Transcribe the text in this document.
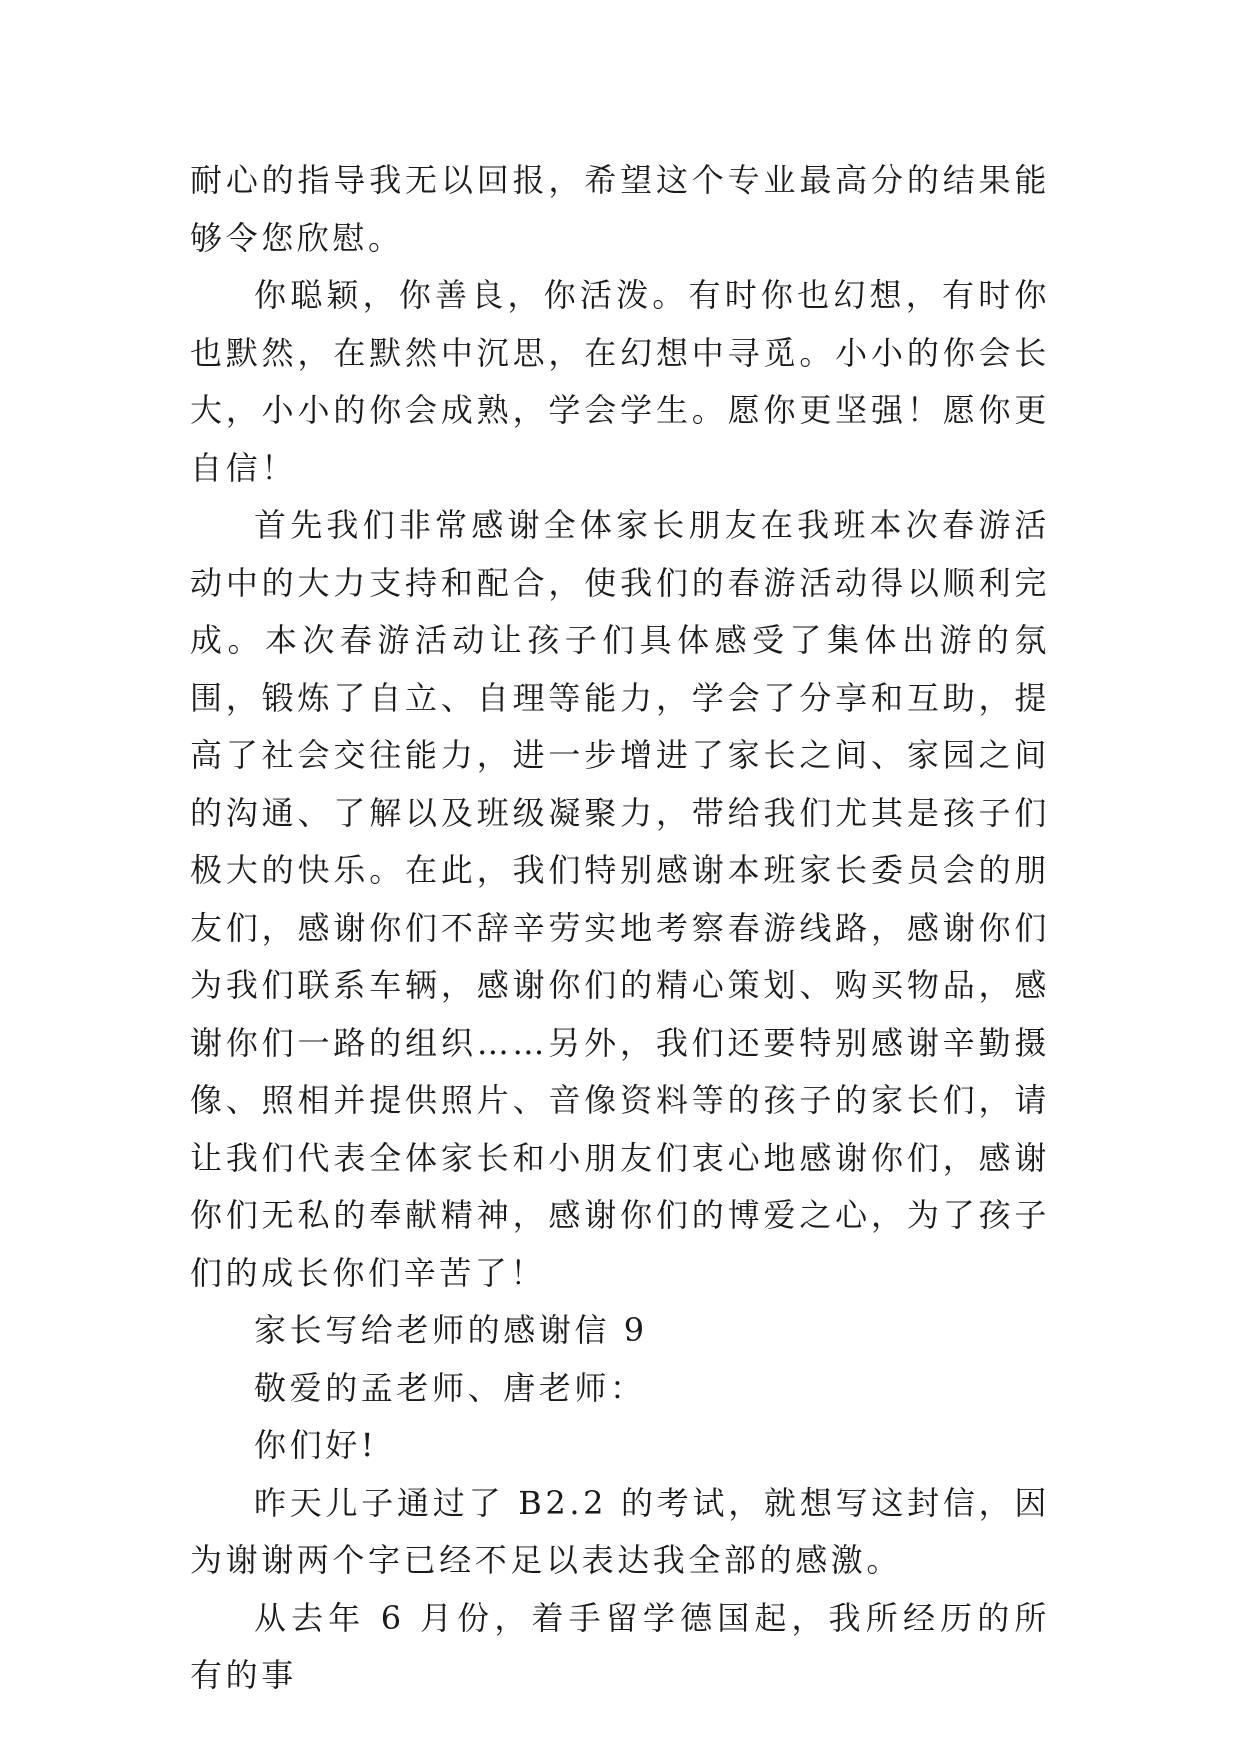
耐心的指导我无以回报，希望这个专业最高分的结果能够令您欣慰。

你聪颖，你善良，你活泼。有时你也幻想，有时你也默然，在默然中沉思，在幻想中寻觅。小小的你会长大，小小的你会成熟，学会学生。愿你更坚强！愿你更自信！

首先我们非常感谢全体家长朋友在我班本次春游活动中的大力支持和配合，使我们的春游活动得以顺利完成。本次春游活动让孩子们具体感受了集体出游的氛围，锻炼了自立、自理等能力，学会了分享和互助，提高了社会交往能力，进一步增进了家长之间、家园之间的沟通、了解以及班级凝聚力，带给我们尤其是孩子们极大的快乐。在此，我们特别感谢本班家长委员会的朋友们，感谢你们不辞辛劳实地考察春游线路，感谢你们为我们联系车辆，感谢你们的精心策划、购买物品，感谢你们一路的组织……另外，我们还要特别感谢辛勤摄像、照相并提供照片、音像资料等的孩子的家长们，请让我们代表全体家长和小朋友们衷心地感谢你们，感谢你们无私的奉献精神，感谢你们的博爱之心，为了孩子们的成长你们辛苦了！

家长写给老师的感谢信 9

敬爱的孟老师、唐老师：

你们好!

昨天儿子通过了 B2.2 的考试，就想写这封信，因为谢谢两个字已经不足以表达我全部的感激。

从去年 6 月份，着手留学德国起，我所经历的所有的事
